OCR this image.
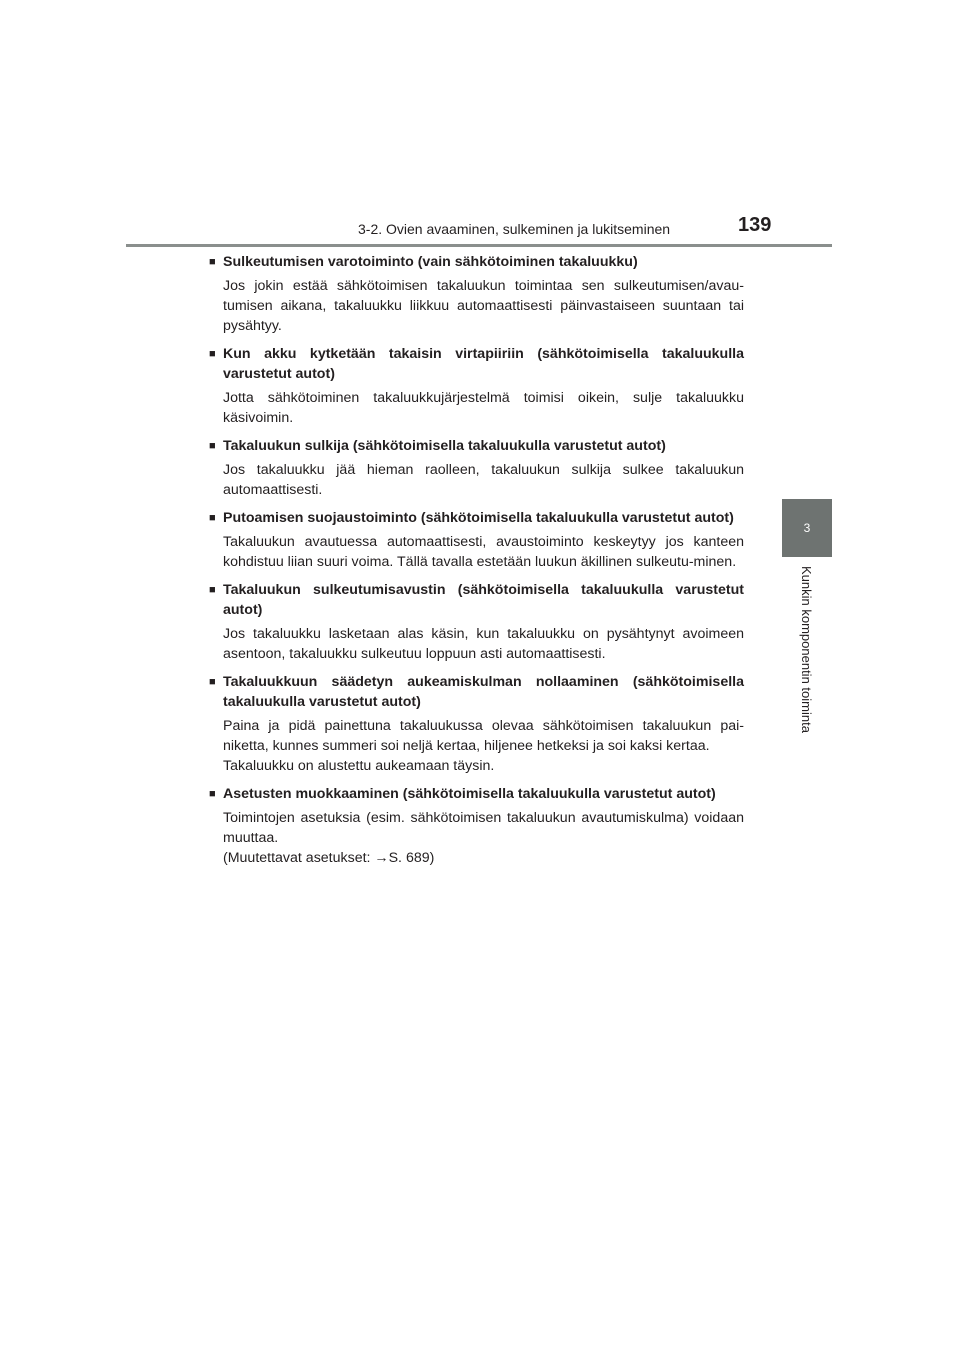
3-2. Ovien avaaminen, sulkeminen ja lukitseminen	139
3
Kunkin komponentin toiminta
■ Sulkeutumisen varotoiminto (vain sähkötoiminen takaluukku)
Jos jokin estää sähkötoimisen takaluukun toimintaa sen sulkeutumisen/avau-tumisen aikana, takaluukku liikkuu automaattisesti päinvastaiseen suuntaan tai pysähtyy.
■ Kun akku kytketään takaisin virtapiiriin (sähkötoimisella takaluukulla varustetut autot)
Jotta sähkötoiminen takaluukkujärjestelmä toimisi oikein, sulje takaluukku käsivoimin.
■ Takaluukun sulkija (sähkötoimisella takaluukulla varustetut autot)
Jos takaluukku jää hieman raolleen, takaluukun sulkija sulkee takaluukun automaattisesti.
■ Putoamisen suojaustoiminto (sähkötoimisella takaluukulla varustetut autot)
Takaluukun avautuessa automaattisesti, avaustoiminto keskeytyy jos kanteen kohdistuu liian suuri voima. Tällä tavalla estetään luukun äkillinen sulkeutu-minen.
■ Takaluukun sulkeutumisavustin (sähkötoimisella takaluukulla varustetut autot)
Jos takaluukku lasketaan alas käsin, kun takaluukku on pysähtynyt avoimeen asentoon, takaluukku sulkeutuu loppuun asti automaattisesti.
■ Takaluukkuun säädetyn aukeamiskulman nollaaminen (sähkötoimisella takaluukulla varustetut autot)
Paina ja pidä painettuna takaluukussa olevaa sähkötoimisen takaluukun pai-niketta, kunnes summeri soi neljä kertaa, hiljenee hetkeksi ja soi kaksi kertaa.
Takaluukku on alustettu aukeamaan täysin.
■ Asetusten muokkaaminen (sähkötoimisella takaluukulla varustetut autot)
Toimintojen asetuksia (esim. sähkötoimisen takaluukun avautumiskulma) voidaan muuttaa.
(Muutettavat asetukset: →S. 689)
